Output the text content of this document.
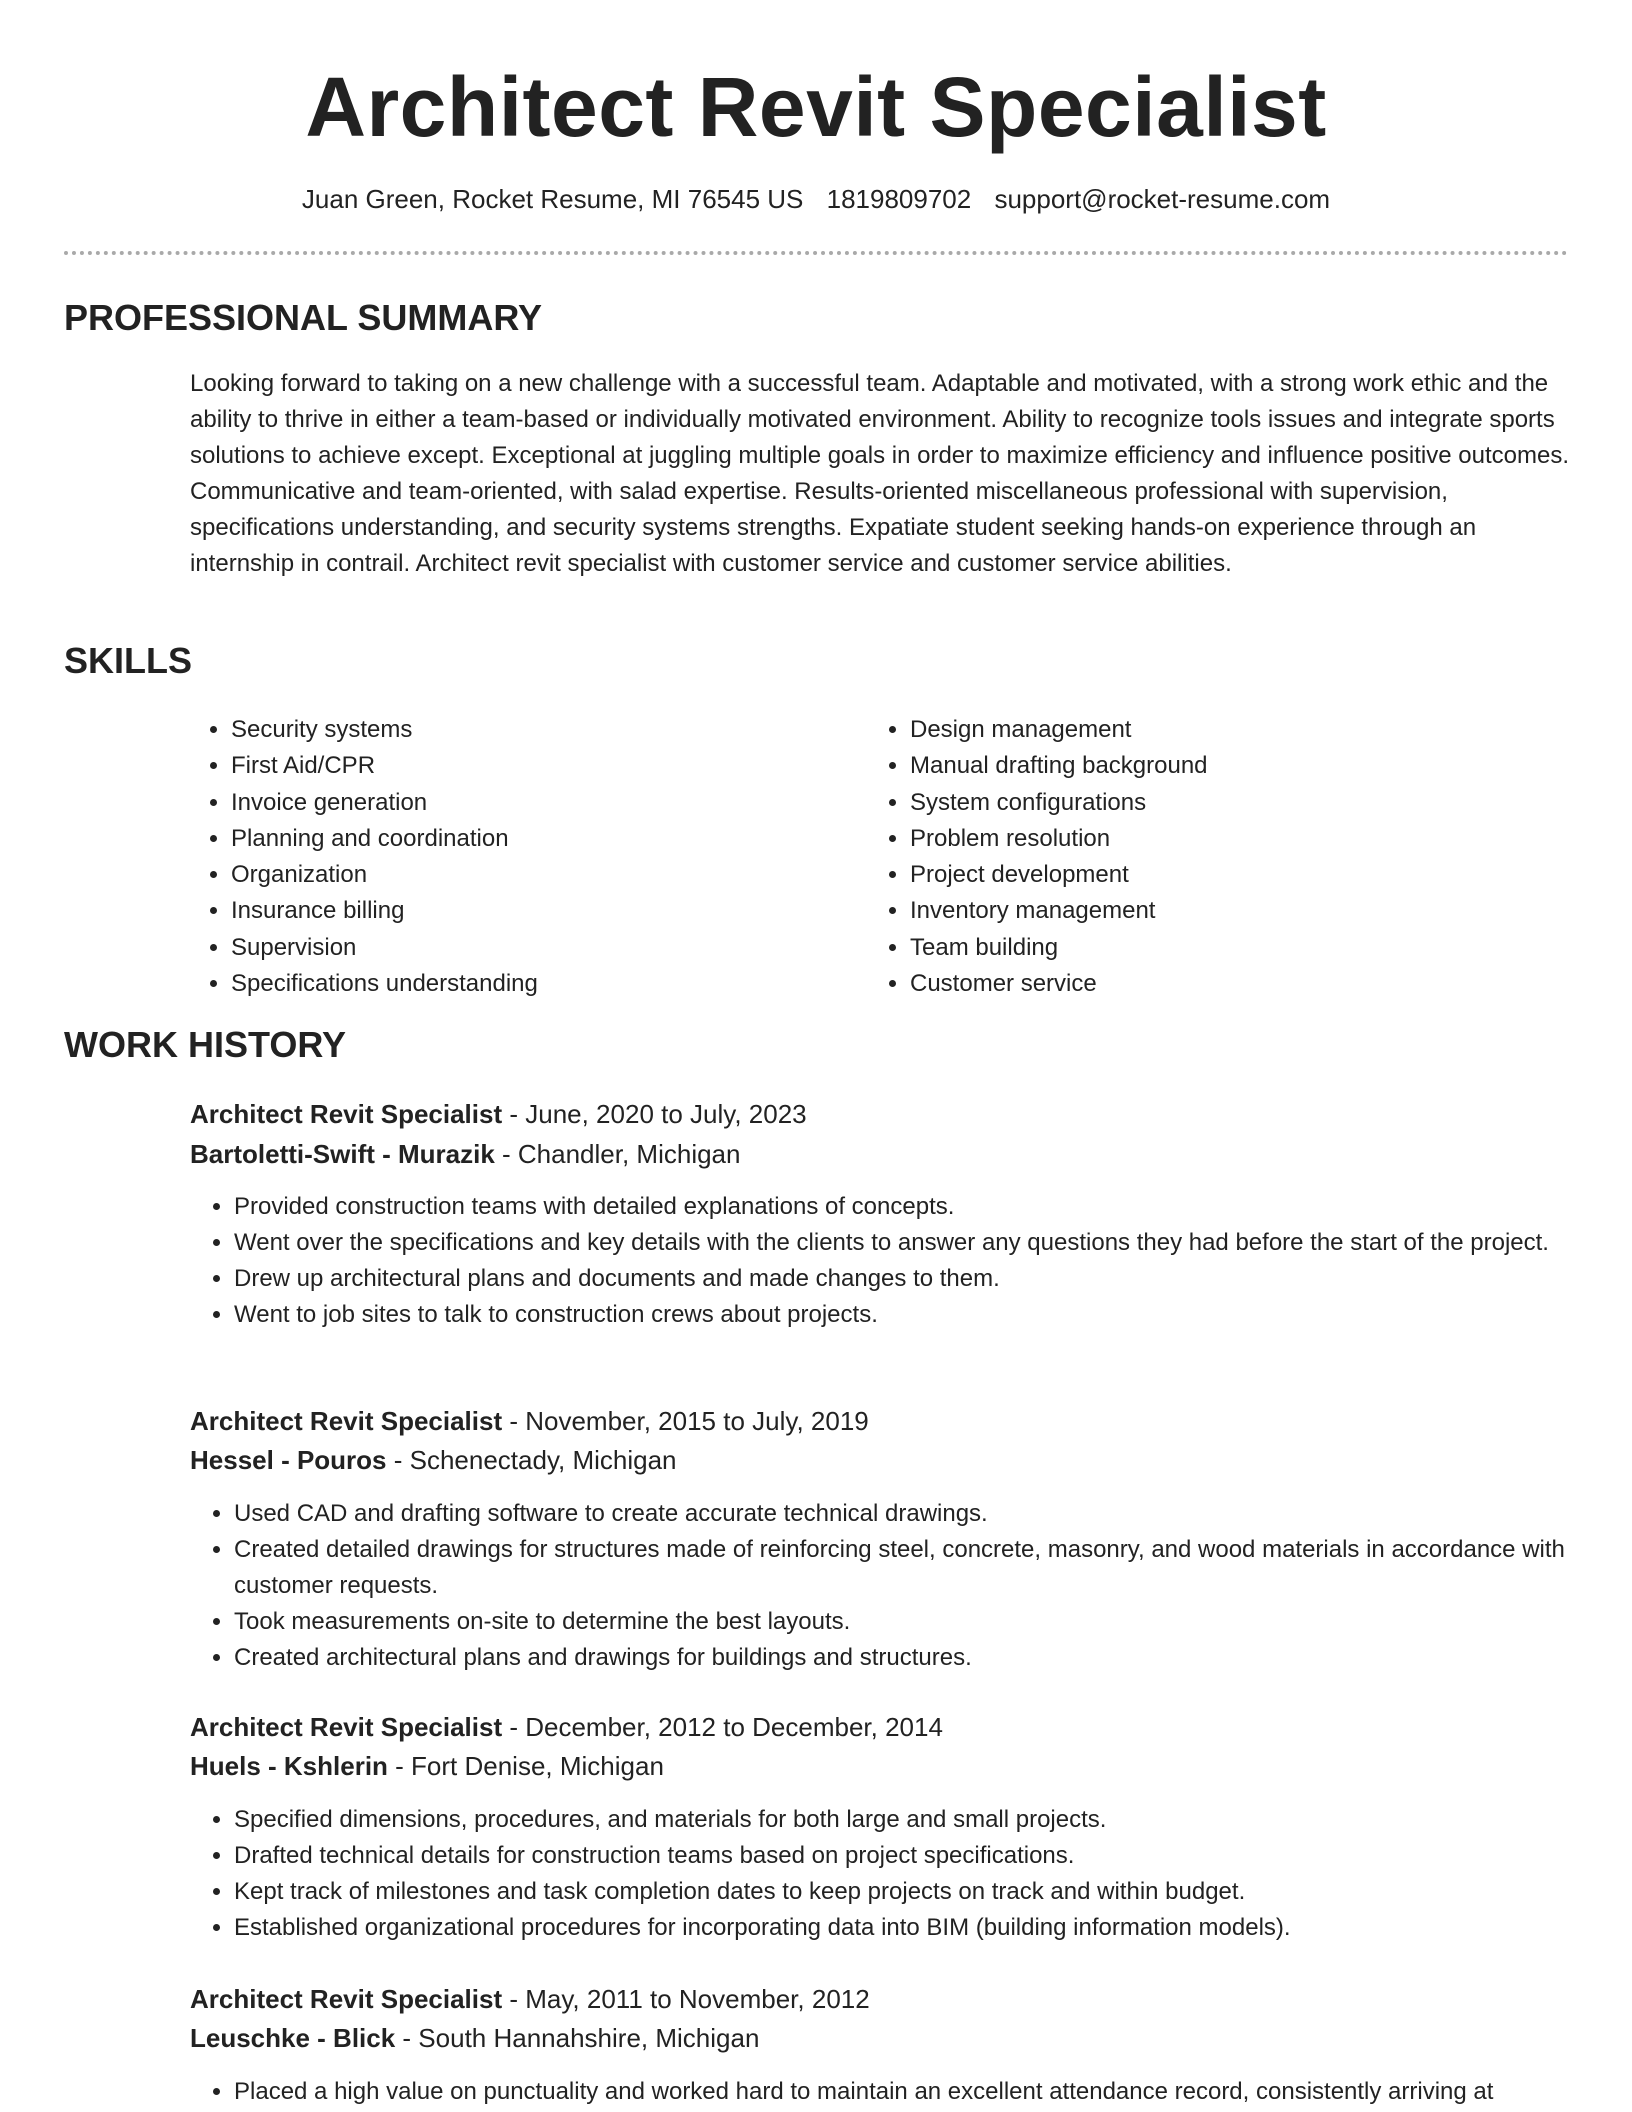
Architect Revit Specialist
Juan Green, Rocket Resume, MI 76545 US 1819809702 support@rocket-resume.com
PROFESSIONAL SUMMARY

Looking forward to taking on a new challenge with a successful team. Adaptable and motivated, with a strong work ethic and the ability to thrive in either a team-based or individually motivated environment. Ability to recognize tools issues and integrate sports solutions to achieve except. Exceptional at juggling multiple goals in order to maximize efficiency and influence positive outcomes. Communicative and team-oriented, with salad expertise. Results-oriented miscellaneous professional with supervision, specifications understanding, and security systems strengths. Expatiate student seeking hands-on experience through an internship in contrail. Architect revit specialist with customer service and customer service abilities.

SKILLS
• Security systems
• First Aid/CPR
• Invoice generation
• Planning and coordination
• Organization
• Insurance billing
• Supervision
• Specifications understanding
• Design management
• Manual drafting background
• System configurations
• Problem resolution
• Project development
• Inventory management
• Team building
• Customer service
WORK HISTORY

Architect Revit Specialist - June, 2020 to July, 2023

Bartoletti-Swift - Murazik - Chandler, Michigan

• Provided construction teams with detailed explanations of concepts.
• Went over the specifications and key details with the clients to answer any questions they had before the start of the project.
• Drew up architectural plans and documents and made changes to them.
• Went to job sites to talk to construction crews about projects.

Architect Revit Specialist - November, 2015 to July, 2019

Hessel - Pouros - Schenectady, Michigan

• Used CAD and drafting software to create accurate technical drawings.
• Created detailed drawings for structures made of reinforcing steel, concrete, masonry, and wood materials in accordance with customer requests.
• Took measurements on-site to determine the best layouts.
• Created architectural plans and drawings for buildings and structures.

Architect Revit Specialist - December, 2012 to December, 2014

Huels - Kshlerin - Fort Denise, Michigan

• Specified dimensions, procedures, and materials for both large and small projects.
• Drafted technical details for construction teams based on project specifications.
• Kept track of milestones and task completion dates to keep projects on track and within budget.
• Established organizational procedures for incorporating data into BIM (building information models).

Architect Revit Specialist - May, 2011 to November, 2012

Leuschke - Blick - South Hannahshire, Michigan

• Placed a high value on punctuality and worked hard to maintain an excellent attendance record, consistently arriving at
